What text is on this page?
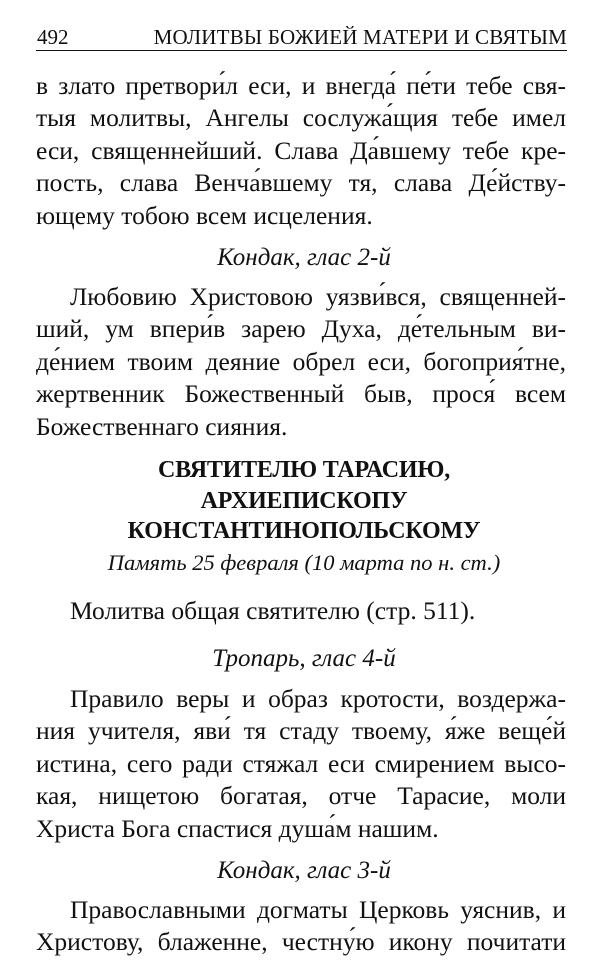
492	МОЛИТВЫ БОЖИЕЙ МАТЕРИ И СВЯТЫМ
в злато претвори́л еси, и внегда́ пе́ти тебе свя-
тыя молитвы, Ангелы сослужа́щия тебе имел
еси, священнейший. Слава Да́вшему тебе кре-
пость, слава Венча́вшему тя, слава Де́йству-
ющему тобою всем исцеления.
Кондак, глас 2-й
Любовию Христовою уязви́вся, священней-
ший, ум впери́в зарею Духа, де́тельным ви-
де́нием твоим деяние обрел еси, богоприя́тне,
жертвенник Божественный быв, прося́ всем
Божественнаго сияния.
СВЯТИТЕЛЮ ТАРАСИЮ,
АРХИЕПИСКОПУ
КОНСТАНТИНОПОЛЬСКОМУ
Память 25 февраля (10 марта по н. ст.)
Молитва общая святителю (стр. 511).
Тропарь, глас 4-й
Правило веры и образ кротости, воздержа-
ния учителя, яви́ тя стаду твоему, я́же веще́й
истина, сего ради стяжал еси смирением высо-
кая, нищетою богатая, отче Тарасие, моли
Христа Бога спастися душа́м нашим.
Кондак, глас 3-й
Православными догматы Церковь уяснив, и
Христову, блаженне, честну́ю икону почитати
